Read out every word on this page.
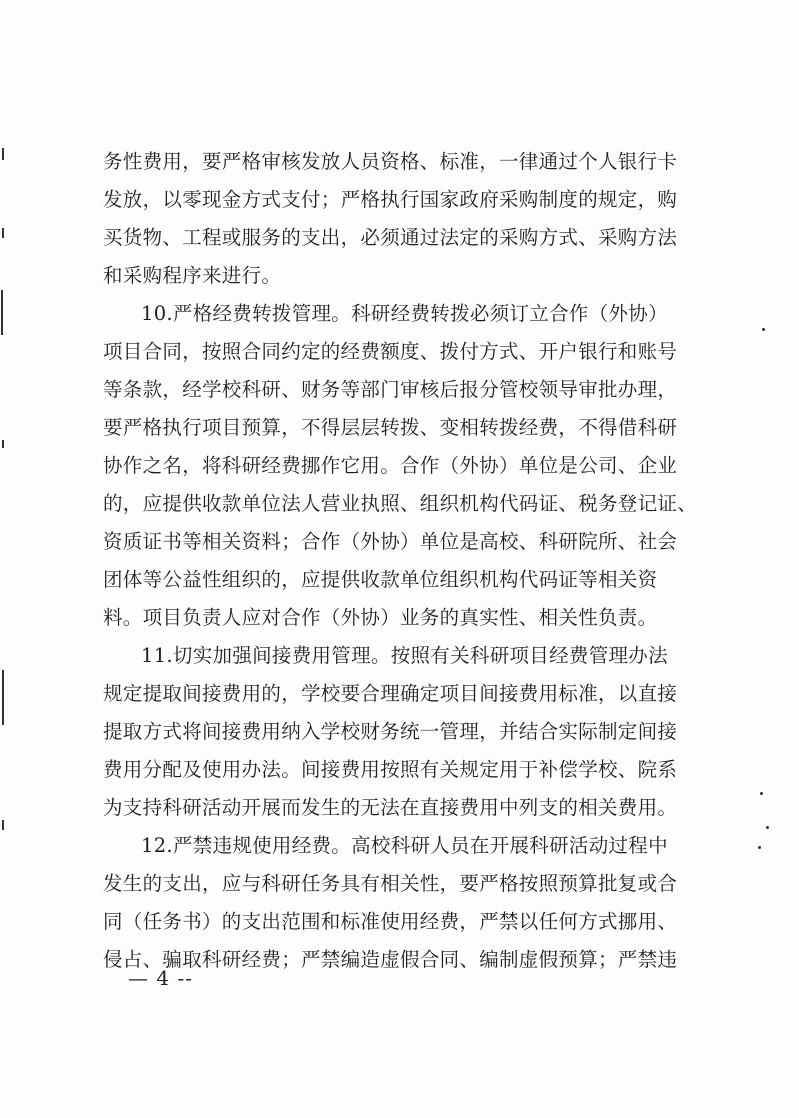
务性费用，要严格审核发放人员资格、标准，一律通过个人银行卡
发放，以零现金方式支付；严格执行国家政府采购制度的规定，购
买货物、工程或服务的支出，必须通过法定的采购方式、采购方法
和采购程序来进行。
10.严格经费转拨管理。科研经费转拨必须订立合作（外协）
项目合同，按照合同约定的经费额度、拨付方式、开户银行和账号
等条款，经学校科研、财务等部门审核后报分管校领导审批办理，
要严格执行项目预算，不得层层转拨、变相转拨经费，不得借科研
协作之名，将科研经费挪作它用。合作（外协）单位是公司、企业
的，应提供收款单位法人营业执照、组织机构代码证、税务登记证、
资质证书等相关资料；合作（外协）单位是高校、科研院所、社会
团体等公益性组织的，应提供收款单位组织机构代码证等相关资
料。项目负责人应对合作（外协）业务的真实性、相关性负责。
11.切实加强间接费用管理。按照有关科研项目经费管理办法
规定提取间接费用的，学校要合理确定项目间接费用标准，以直接
提取方式将间接费用纳入学校财务统一管理，并结合实际制定间接
费用分配及使用办法。间接费用按照有关规定用于补偿学校、院系
为支持科研活动开展而发生的无法在直接费用中列支的相关费用。
12.严禁违规使用经费。高校科研人员在开展科研活动过程中
发生的支出，应与科研任务具有相关性，要严格按照预算批复或合
同（任务书）的支出范围和标准使用经费，严禁以任何方式挪用、
侵占、骗取科研经费；严禁编造虚假合同、编制虚假预算；严禁违
— 4 --
